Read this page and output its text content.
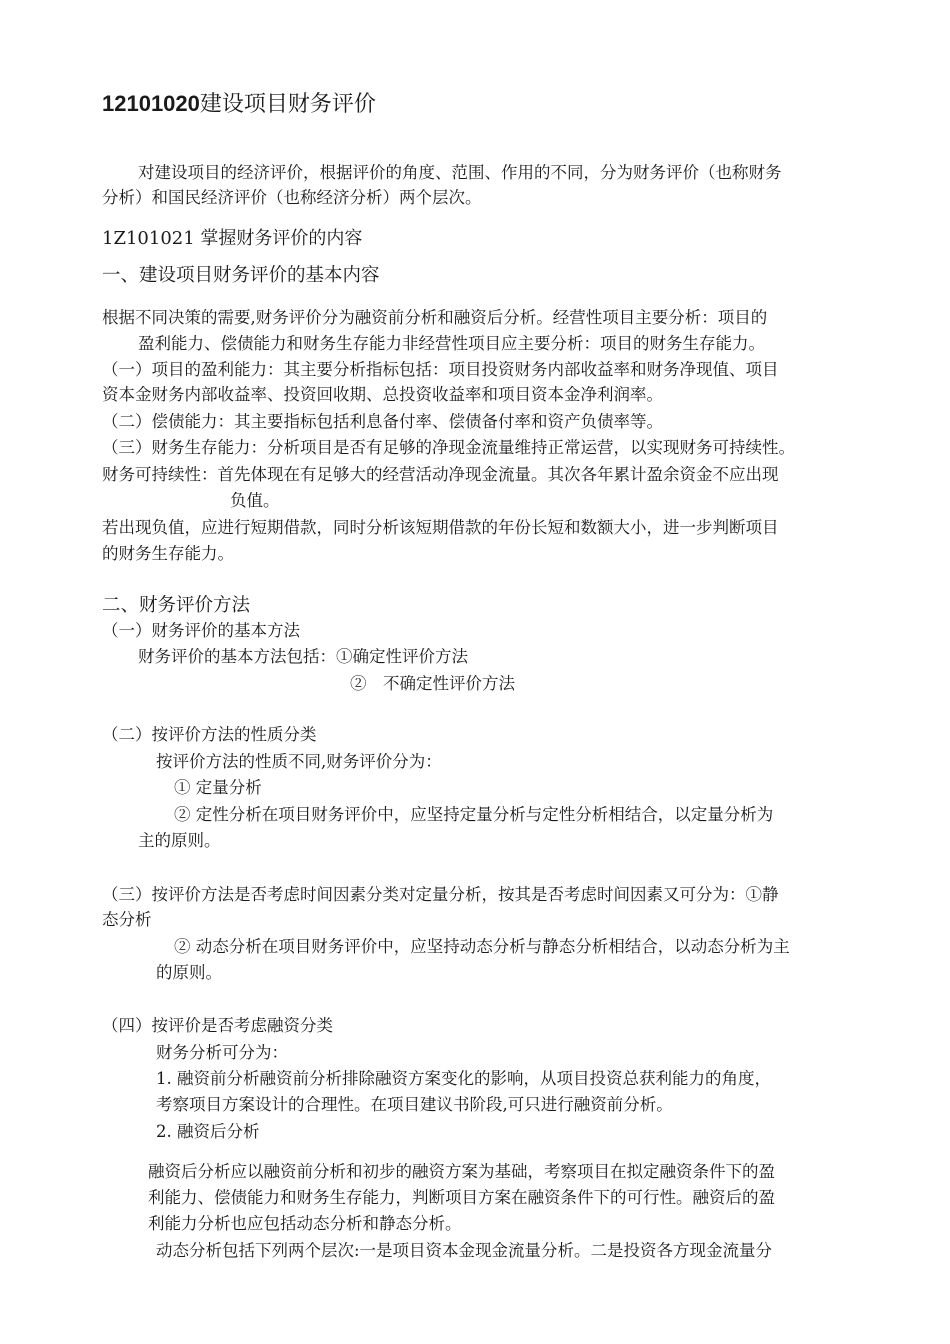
12101020建设项目财务评价
对建设项目的经济评价，根据评价的角度、范围、作用的不同，分为财务评价（也称财务
分析）和国民经济评价（也称经济分析）两个层次。
1Z101021 掌握财务评价的内容
一、建设项目财务评价的基本内容
根据不同决策的需要,财务评价分为融资前分析和融资后分析。经营性项目主要分析：项目的
盈利能力、偿债能力和财务生存能力非经营性项目应主要分析：项目的财务生存能力。
（一）项目的盈利能力：其主要分析指标包括：项目投资财务内部收益率和财务净现值、项目
资本金财务内部收益率、投资回收期、总投资收益率和项目资本金净利润率。
（二）偿债能力：其主要指标包括利息备付率、偿债备付率和资产负债率等。
（三）财务生存能力：分析项目是否有足够的净现金流量维持正常运营，以实现财务可持续性。
财务可持续性：首先体现在有足够大的经营活动净现金流量。其次各年累计盈余资金不应出现
负值。
若出现负值，应进行短期借款，同时分析该短期借款的年份长短和数额大小，进一步判断项目
的财务生存能力。
二、财务评价方法
（一）财务评价的基本方法
财务评价的基本方法包括：①确定性评价方法
②　不确定性评价方法
（二）按评价方法的性质分类
按评价方法的性质不同,财务评价分为：
① 定量分析
② 定性分析在项目财务评价中，应坚持定量分析与定性分析相结合，以定量分析为
主的原则。
（三）按评价方法是否考虑时间因素分类对定量分析，按其是否考虑时间因素又可分为：①静
态分析
② 动态分析在项目财务评价中，应坚持动态分析与静态分析相结合，以动态分析为主
的原则。
（四）按评价是否考虑融资分类
财务分析可分为：
1. 融资前分析融资前分析排除融资方案变化的影响，从项目投资总获利能力的角度，
考察项目方案设计的合理性。在项目建议书阶段,可只进行融资前分析。
2. 融资后分析
融资后分析应以融资前分析和初步的融资方案为基础，考察项目在拟定融资条件下的盈
利能力、偿债能力和财务生存能力，判断项目方案在融资条件下的可行性。融资后的盈
利能力分析也应包括动态分析和静态分析。
动态分析包括下列两个层次:一是项目资本金现金流量分析。二是投资各方现金流量分
